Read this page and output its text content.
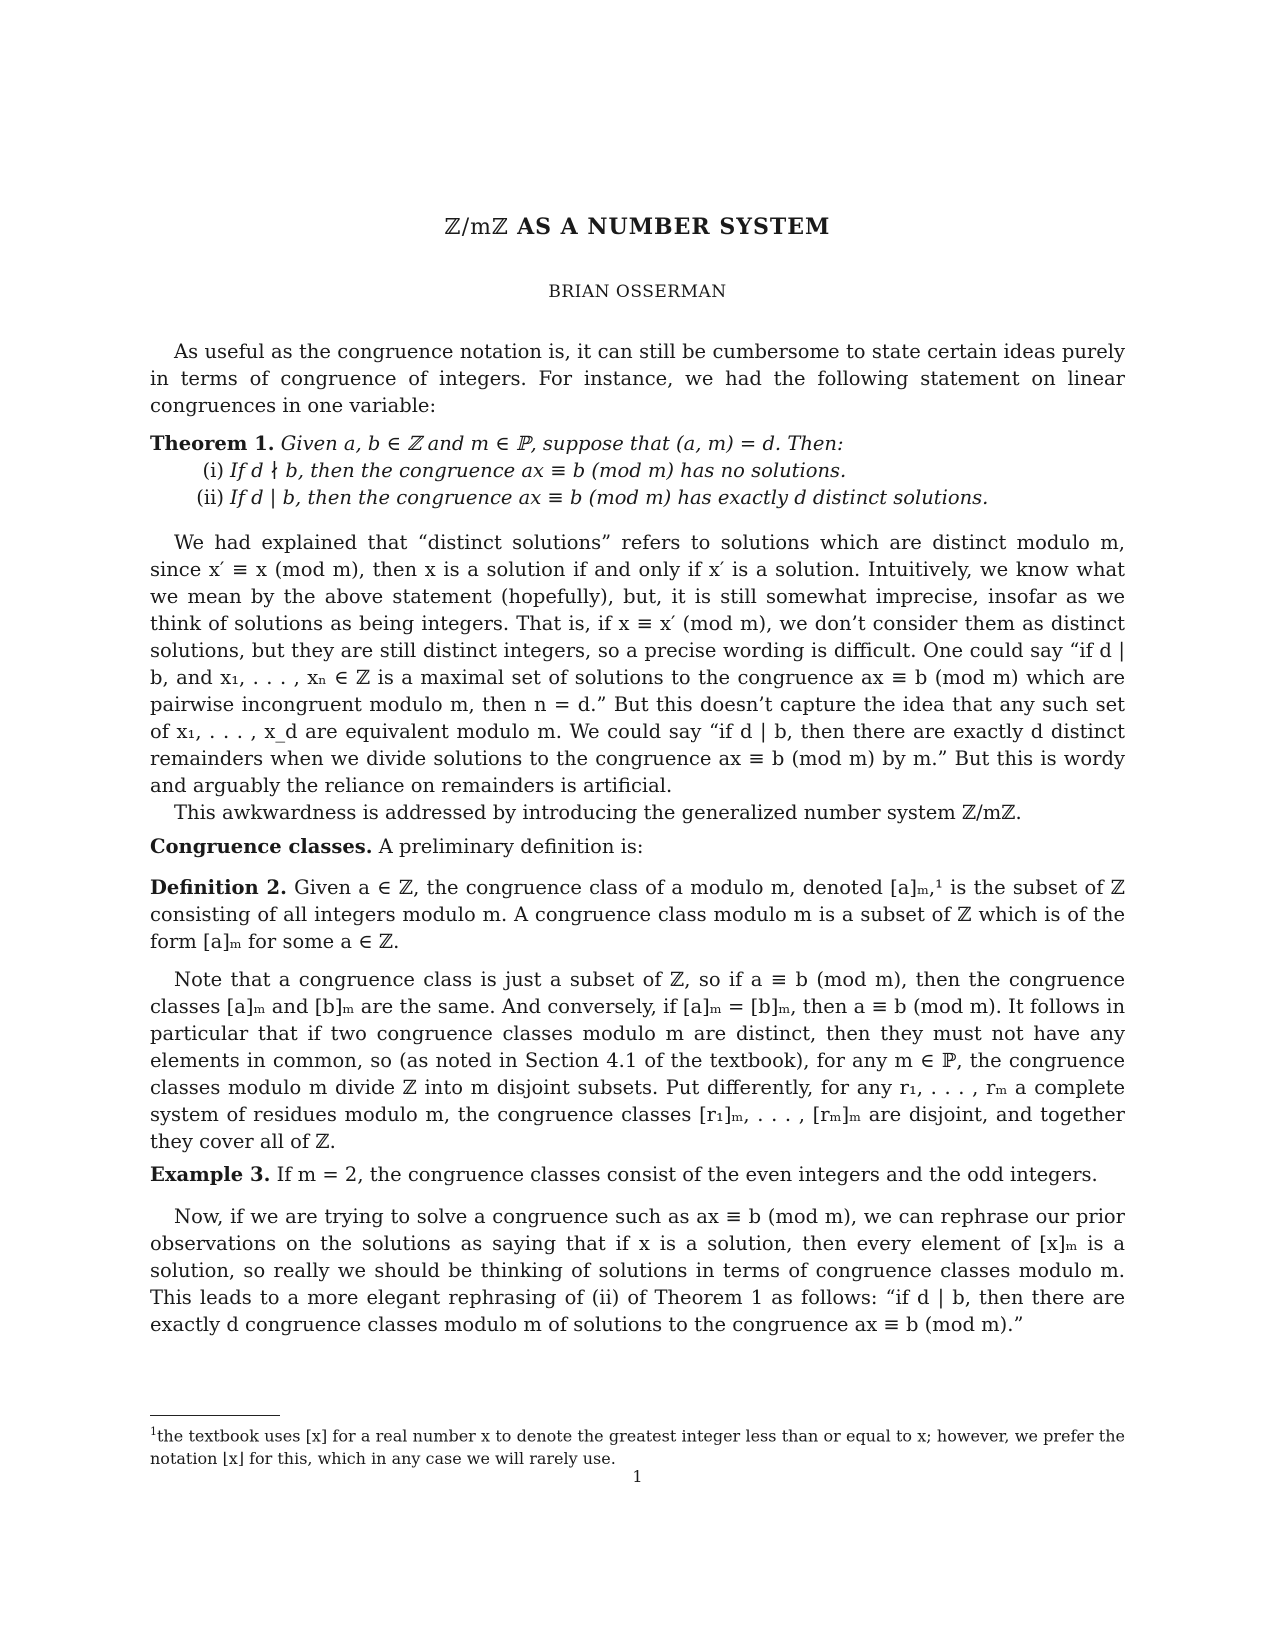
ℤ/mℤ AS A NUMBER SYSTEM
BRIAN OSSERMAN

As useful as the congruence notation is, it can still be cumbersome to state certain ideas purely in terms of congruence of integers. For instance, we had the following statement on linear congruences in one variable:

Theorem 1. Given a, b ∈ ℤ and m ∈ ℙ, suppose that (a, m) = d. Then:
(i) If d ∤ b, then the congruence ax ≡ b (mod m) has no solutions.
(ii) If d | b, then the congruence ax ≡ b (mod m) has exactly d distinct solutions.

We had explained that “distinct solutions” refers to solutions which are distinct modulo m, since x′ ≡ x (mod m), then x is a solution if and only if x′ is a solution. Intuitively, we know what we mean by the above statement (hopefully), but, it is still somewhat imprecise, insofar as we think of solutions as being integers. That is, if x ≡ x′ (mod m), we don’t consider them as distinct solutions, but they are still distinct integers, so a precise wording is difficult. One could say “if d | b, and x₁, . . . , xₙ ∈ ℤ is a maximal set of solutions to the congruence ax ≡ b (mod m) which are pairwise incongruent modulo m, then n = d.” But this doesn’t capture the idea that any such set of x₁, . . . , x_d are equivalent modulo m. We could say “if d | b, then there are exactly d distinct remainders when we divide solutions to the congruence ax ≡ b (mod m) by m.” But this is wordy and arguably the reliance on remainders is artificial.

This awkwardness is addressed by introducing the generalized number system ℤ/mℤ.

Congruence classes. A preliminary definition is:
Definition 2. Given a ∈ ℤ, the congruence class of a modulo m, denoted [a]ₘ,¹ is the subset of ℤ consisting of all integers modulo m. A congruence class modulo m is a subset of ℤ which is of the form [a]ₘ for some a ∈ ℤ.

Note that a congruence class is just a subset of ℤ, so if a ≡ b (mod m), then the congruence classes [a]ₘ and [b]ₘ are the same. And conversely, if [a]ₘ = [b]ₘ, then a ≡ b (mod m). It follows in particular that if two congruence classes modulo m are distinct, then they must not have any elements in common, so (as noted in Section 4.1 of the textbook), for any m ∈ ℙ, the congruence classes modulo m divide ℤ into m disjoint subsets. Put differently, for any r₁, . . . , rₘ a complete system of residues modulo m, the congruence classes [r₁]ₘ, . . . , [rₘ]ₘ are disjoint, and together they cover all of ℤ.

Example 3. If m = 2, the congruence classes consist of the even integers and the odd integers.

Now, if we are trying to solve a congruence such as ax ≡ b (mod m), we can rephrase our prior observations on the solutions as saying that if x is a solution, then every element of [x]ₘ is a solution, so really we should be thinking of solutions in terms of congruence classes modulo m. This leads to a more elegant rephrasing of (ii) of Theorem 1 as follows: “if d | b, then there are exactly d congruence classes modulo m of solutions to the congruence ax ≡ b (mod m).”

$^1$the textbook uses [x] for a real number x to denote the greatest integer less than or equal to x; however, we prefer the notation ⌊x⌋ for this, which in any case we will rarely use.
1
